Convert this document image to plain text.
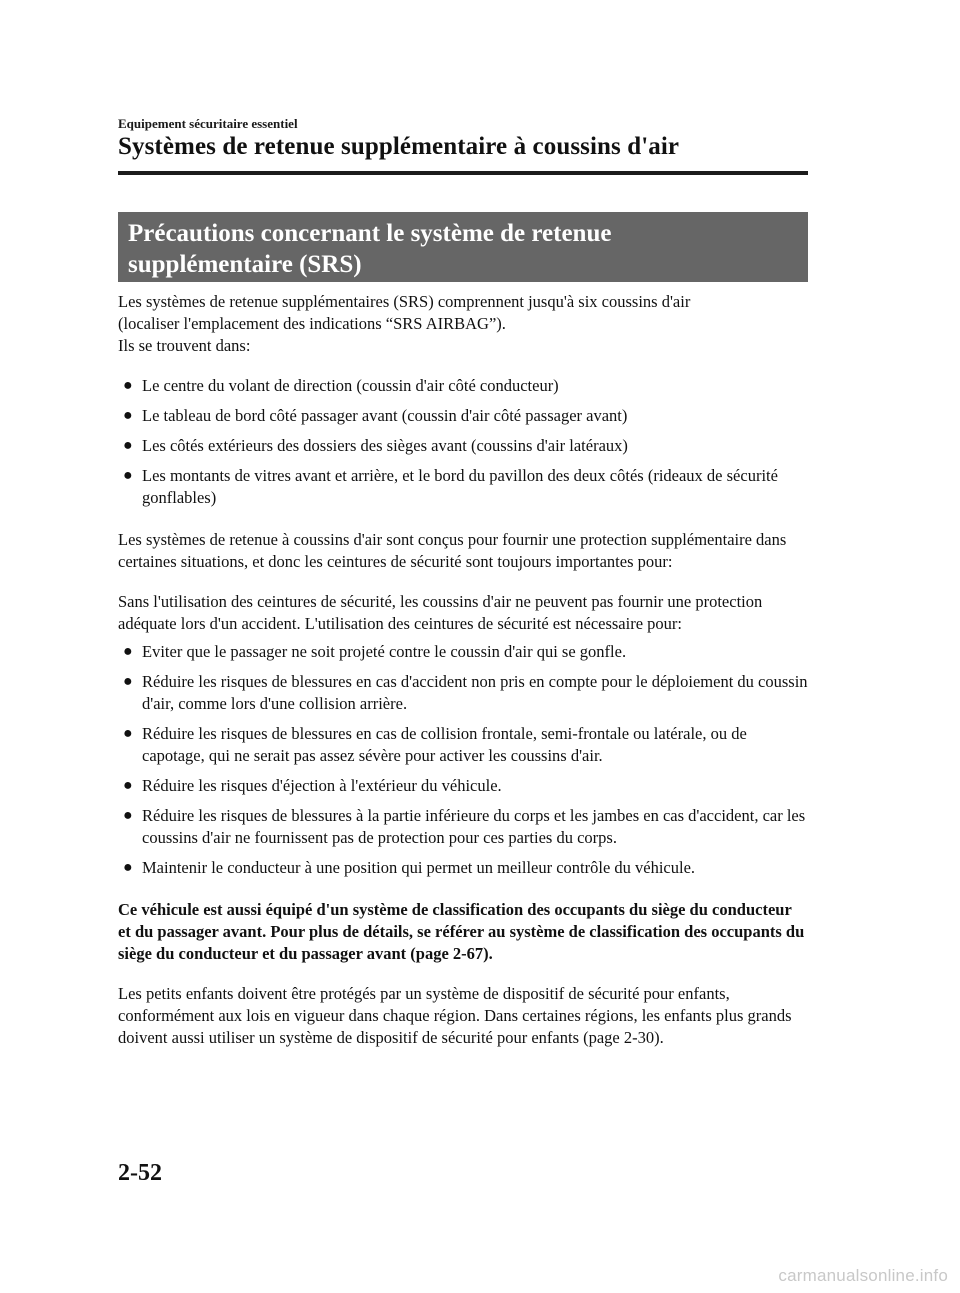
Equipement sécuritaire essentiel
Systèmes de retenue supplémentaire à coussins d'air
Précautions concernant le système de retenue
supplémentaire (SRS)

Les systèmes de retenue supplémentaires (SRS) comprennent jusqu'à six coussins d'air

(localiser l'emplacement des indications “SRS AIRBAG”).

Ils se trouvent dans:

● Le centre du volant de direction (coussin d'air côté conducteur)
● Le tableau de bord côté passager avant (coussin d'air côté passager avant)
● Les côtés extérieurs des dossiers des sièges avant (coussins d'air latéraux)
● Les montants de vitres avant et arrière, et le bord du pavillon des deux côtés (rideaux de sécurité gonflables)

Les systèmes de retenue à coussins d'air sont conçus pour fournir une protection supplémentaire dans certaines situations, et donc les ceintures de sécurité sont toujours importantes pour:

Sans l'utilisation des ceintures de sécurité, les coussins d'air ne peuvent pas fournir une protection adéquate lors d'un accident. L'utilisation des ceintures de sécurité est nécessaire pour:

● Eviter que le passager ne soit projeté contre le coussin d'air qui se gonfle.
● Réduire les risques de blessures en cas d'accident non pris en compte pour le déploiement du coussin d'air, comme lors d'une collision arrière.
● Réduire les risques de blessures en cas de collision frontale, semi-frontale ou latérale, ou de capotage, qui ne serait pas assez sévère pour activer les coussins d'air.
● Réduire les risques d'éjection à l'extérieur du véhicule.
● Réduire les risques de blessures à la partie inférieure du corps et les jambes en cas d'accident, car les coussins d'air ne fournissent pas de protection pour ces parties du corps.
● Maintenir le conducteur à une position qui permet un meilleur contrôle du véhicule.

Ce véhicule est aussi équipé d'un système de classification des occupants du siège du conducteur et du passager avant. Pour plus de détails, se référer au système de classification des occupants du siège du conducteur et du passager avant (page 2-67).

Les petits enfants doivent être protégés par un système de dispositif de sécurité pour enfants, conformément aux lois en vigueur dans chaque région. Dans certaines régions, les enfants plus grands doivent aussi utiliser un système de dispositif de sécurité pour enfants (page 2-30).

2-52
carmanualsonline.info
